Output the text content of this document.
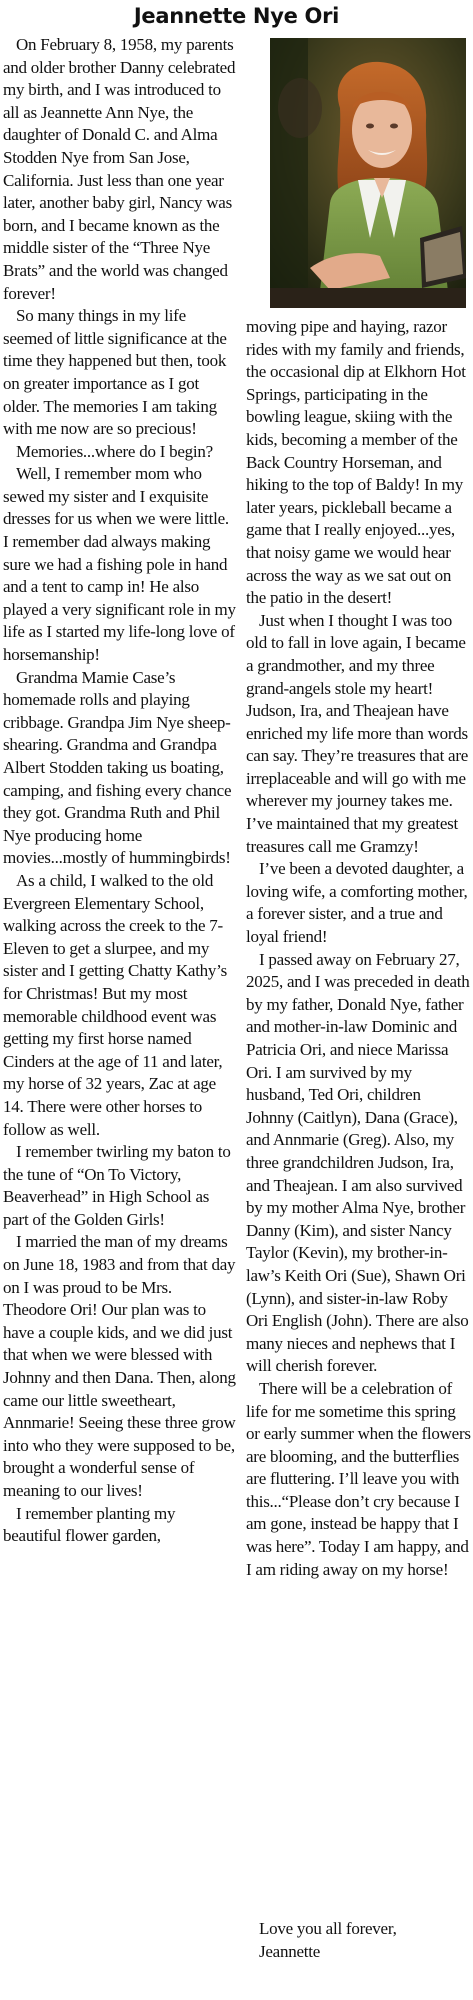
Jeannette Nye Ori

On February 8, 1958, my parents and older brother Danny celebrated my birth, and I was introduced to all as Jeannette Ann Nye, the daughter of Donald C. and Alma Stodden Nye from San Jose, California. Just less than one year later, another baby girl, Nancy was born, and I became known as the middle sister of the “Three Nye Brats” and the world was changed forever!

So many things in my life seemed of little significance at the time they happened but then, took on greater importance as I got older. The memories I am taking with me now are so precious!

Memories...where do I begin?

Well, I remember mom who sewed my sister and I exquisite dresses for us when we were little. I remember dad always making sure we had a fishing pole in hand and a tent to camp in! He also played a very significant role in my life as I started my life-long love of horsemanship!

Grandma Mamie Case’s homemade rolls and playing cribbage. Grandpa Jim Nye sheep-shearing. Grandma and Grandpa Albert Stodden taking us boating, camping, and fishing every chance they got. Grandma Ruth and Phil Nye producing home movies...mostly of hummingbirds!

As a child, I walked to the old Evergreen Elementary School, walking across the creek to the 7-Eleven to get a slurpee, and my sister and I getting Chatty Kathy’s for Christmas! But my most memorable childhood event was getting my first horse named Cinders at the age of 11 and later, my horse of 32 years, Zac at age 14. There were other horses to follow as well.

I remember twirling my baton to the tune of “On To Victory, Beaverhead” in High School as part of the Golden Girls!

I married the man of my dreams on June 18, 1983 and from that day on I was proud to be Mrs. Theodore Ori! Our plan was to have a couple kids, and we did just that when we were blessed with Johnny and then Dana. Then, along came our little sweetheart, Annmarie! Seeing these three grow into who they were supposed to be, brought a wonderful sense of meaning to our lives!

I remember planting my beautiful flower garden,

moving pipe and haying, razor rides with my family and friends, the occasional dip at Elkhorn Hot Springs, participating in the bowling league, skiing with the kids, becoming a member of the Back Country Horseman, and hiking to the top of Baldy! In my later years, pickleball became a game that I really enjoyed...yes, that noisy game we would hear across the way as we sat out on the patio in the desert!

Just when I thought I was too old to fall in love again, I became a grandmother, and my three grand-angels stole my heart! Judson, Ira, and Theajean have enriched my life more than words can say. They’re treasures that are irreplaceable and will go with me wherever my journey takes me. I’ve maintained that my greatest treasures call me Gramzy!

I’ve been a devoted daughter, a loving wife, a comforting mother, a forever sister, and a true and loyal friend!

I passed away on February 27, 2025, and I was preceded in death by my father, Donald Nye, father and mother-in-law Dominic and Patricia Ori, and niece Marissa Ori. I am survived by my husband, Ted Ori, children Johnny (Caitlyn), Dana (Grace), and Annmarie (Greg). Also, my three grandchildren Judson, Ira, and Theajean. I am also survived by my mother Alma Nye, brother Danny (Kim), and sister Nancy Taylor (Kevin), my brother-in-law’s Keith Ori (Sue), Shawn Ori (Lynn), and sister-in-law Roby Ori English (John). There are also many nieces and nephews that I will cherish forever.

There will be a celebration of life for me sometime this spring or early summer when the flowers are blooming, and the butterflies are fluttering. I’ll leave you with this...“Please don’t cry because I am gone, instead be happy that I was here”. Today I am happy, and I am riding away on my horse!

Love you all forever,

Jeannette
